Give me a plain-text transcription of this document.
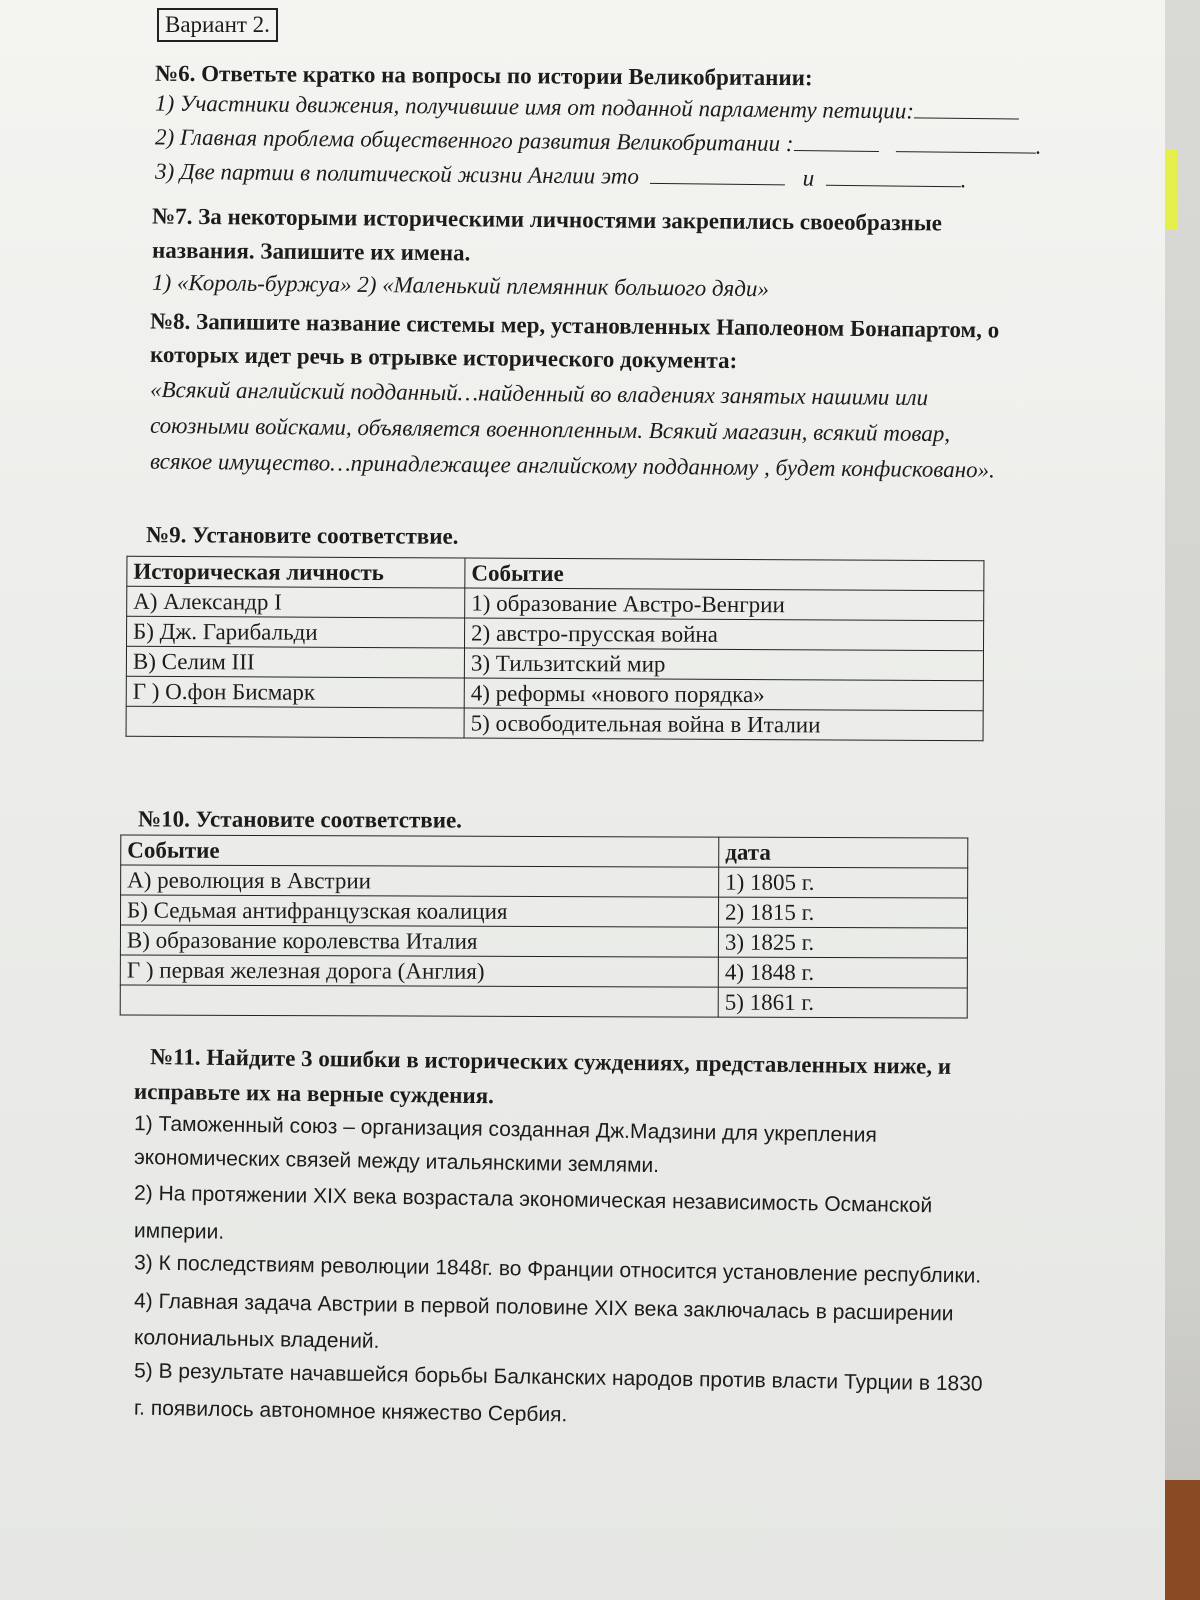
Вариант 2.
№6. Ответьте кратко на вопросы по истории Великобритании:
1) Участники движения, получившие имя от поданной парламенту петиции:
2) Главная проблема общественного развития Великобритании :	.
3) Две партии в политической жизни Англии это	и	.
№7. За некоторыми историческими личностями закрепились своеобразные
названия. Запишите их имена.
1) «Король-буржуа» 2) «Маленький племянник большого дяди»
№8. Запишите название системы мер, установленных Наполеоном Бонапартом, о
которых идет речь в отрывке исторического документа:
«Всякий английский подданный…найденный во владениях занятых нашими или
союзными войсками, объявляется военнопленным. Всякий магазин, всякий товар,
всякое имущество…принадлежащее английскому подданному , будет конфисковано».
№9. Установите соответствие.
Историческая личность	Событие
А) Александр I	1) образование Австро-Венгрии
Б) Дж. Гарибальди	2) австро-прусская война
В) Селим III	3) Тильзитский мир
Г ) О.фон Бисмарк	4) реформы «нового порядка»
	5) освободительная война в Италии
№10. Установите соответствие.
Событие	дата
А) революция в Австрии	1) 1805 г.
Б) Седьмая антифранцузская коалиция	2) 1815 г.
В) образование королевства Италия	3) 1825 г.
Г ) первая железная дорога (Англия)	4) 1848 г.
	5) 1861 г.
№11. Найдите 3 ошибки в исторических суждениях, представленных ниже, и
исправьте их на верные суждения.
1) Таможенный союз – организация созданная Дж.Мадзини для укрепления
экономических связей между итальянскими землями.
2) На протяжении XIX века возрастала экономическая независимость Османской
империи.
3) К последствиям революции 1848г. во Франции относится установление республики.
4) Главная задача Австрии в первой половине XIX века заключалась в расширении
колониальных владений.
5) В результате начавшейся борьбы Балканских народов против власти Турции в 1830
г. появилось автономное княжество Сербия.
